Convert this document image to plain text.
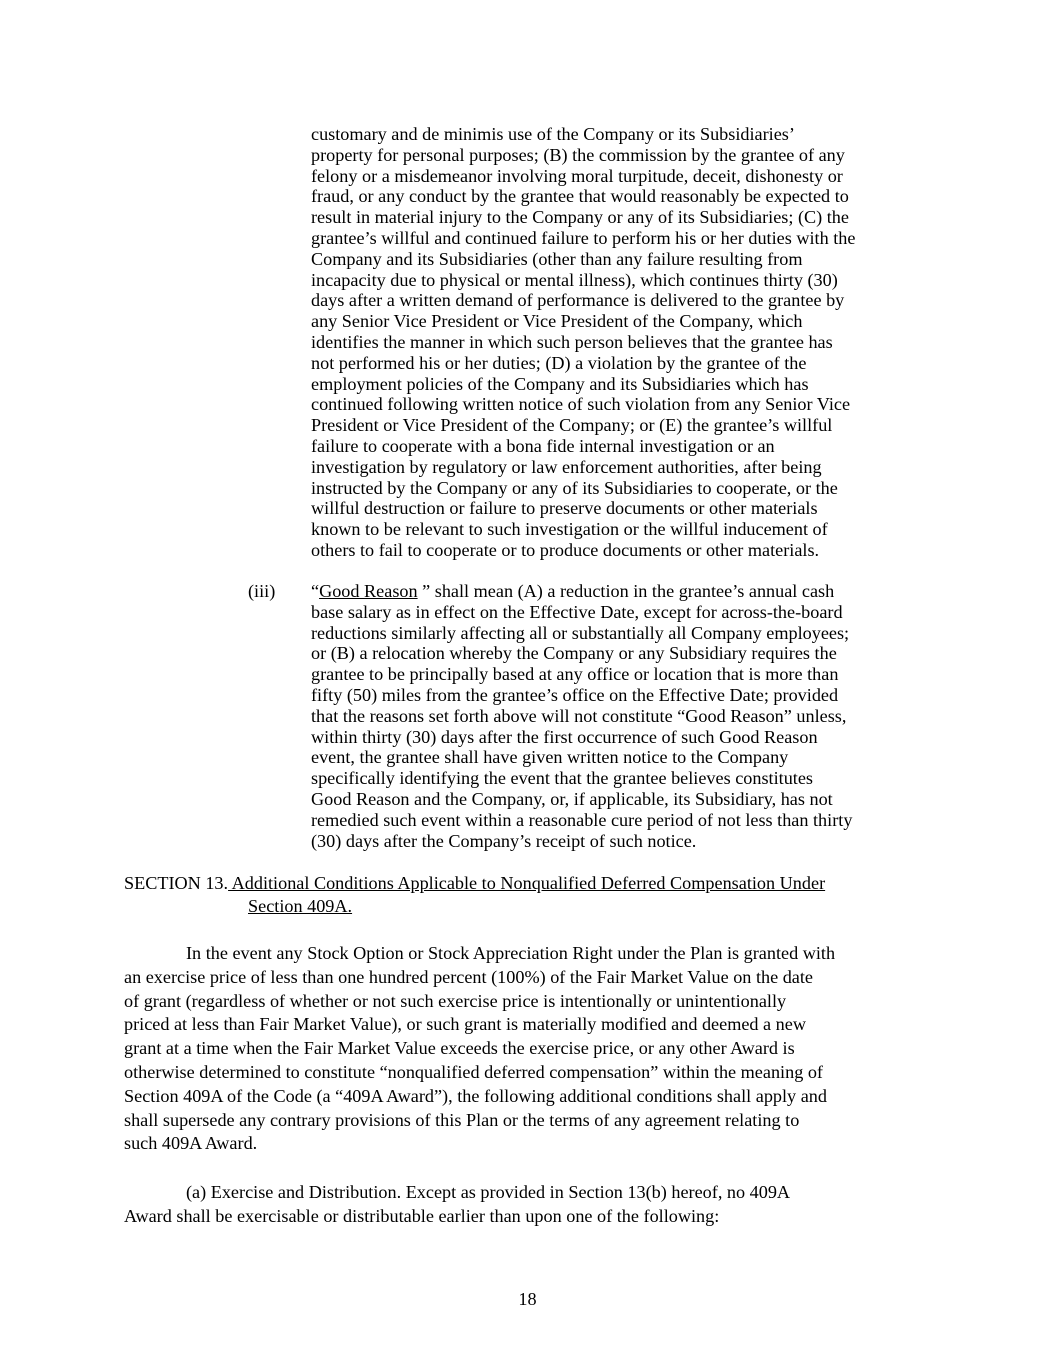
customary and de minimis use of the Company or its Subsidiaries’
property for personal purposes; (B) the commission by the grantee of any
felony or a misdemeanor involving moral turpitude, deceit, dishonesty or
fraud, or any conduct by the grantee that would reasonably be expected to
result in material injury to the Company or any of its Subsidiaries; (C) the
grantee’s willful and continued failure to perform his or her duties with the
Company and its Subsidiaries (other than any failure resulting from
incapacity due to physical or mental illness), which continues thirty (30)
days after a written demand of performance is delivered to the grantee by
any Senior Vice President or Vice President of the Company, which
identifies the manner in which such person believes that the grantee has
not performed his or her duties; (D) a violation by the grantee of the
employment policies of the Company and its Subsidiaries which has
continued following written notice of such violation from any Senior Vice
President or Vice President of the Company; or (E) the grantee’s willful
failure to cooperate with a bona fide internal investigation or an
investigation by regulatory or law enforcement authorities, after being
instructed by the Company or any of its Subsidiaries to cooperate, or the
willful destruction or failure to preserve documents or other materials
known to be relevant to such investigation or the willful inducement of
others to fail to cooperate or to produce documents or other materials.
(iii) “Good Reason ” shall mean (A) a reduction in the grantee’s annual cash
base salary as in effect on the Effective Date, except for across-the-board
reductions similarly affecting all or substantially all Company employees;
or (B) a relocation whereby the Company or any Subsidiary requires the
grantee to be principally based at any office or location that is more than
fifty (50) miles from the grantee’s office on the Effective Date; provided
that the reasons set forth above will not constitute “Good Reason” unless,
within thirty (30) days after the first occurrence of such Good Reason
event, the grantee shall have given written notice to the Company
specifically identifying the event that the grantee believes constitutes
Good Reason and the Company, or, if applicable, its Subsidiary, has not
remedied such event within a reasonable cure period of not less than thirty
(30) days after the Company’s receipt of such notice.
SECTION 13. Additional Conditions Applicable to Nonqualified Deferred Compensation Under
Section 409A.
In the event any Stock Option or Stock Appreciation Right under the Plan is granted with
an exercise price of less than one hundred percent (100%) of the Fair Market Value on the date
of grant (regardless of whether or not such exercise price is intentionally or unintentionally
priced at less than Fair Market Value), or such grant is materially modified and deemed a new
grant at a time when the Fair Market Value exceeds the exercise price, or any other Award is
otherwise determined to constitute “nonqualified deferred compensation” within the meaning of
Section 409A of the Code (a “409A Award”), the following additional conditions shall apply and
shall supersede any contrary provisions of this Plan or the terms of any agreement relating to
such 409A Award.
(a) Exercise and Distribution. Except as provided in Section 13(b) hereof, no 409A
Award shall be exercisable or distributable earlier than upon one of the following:
18
